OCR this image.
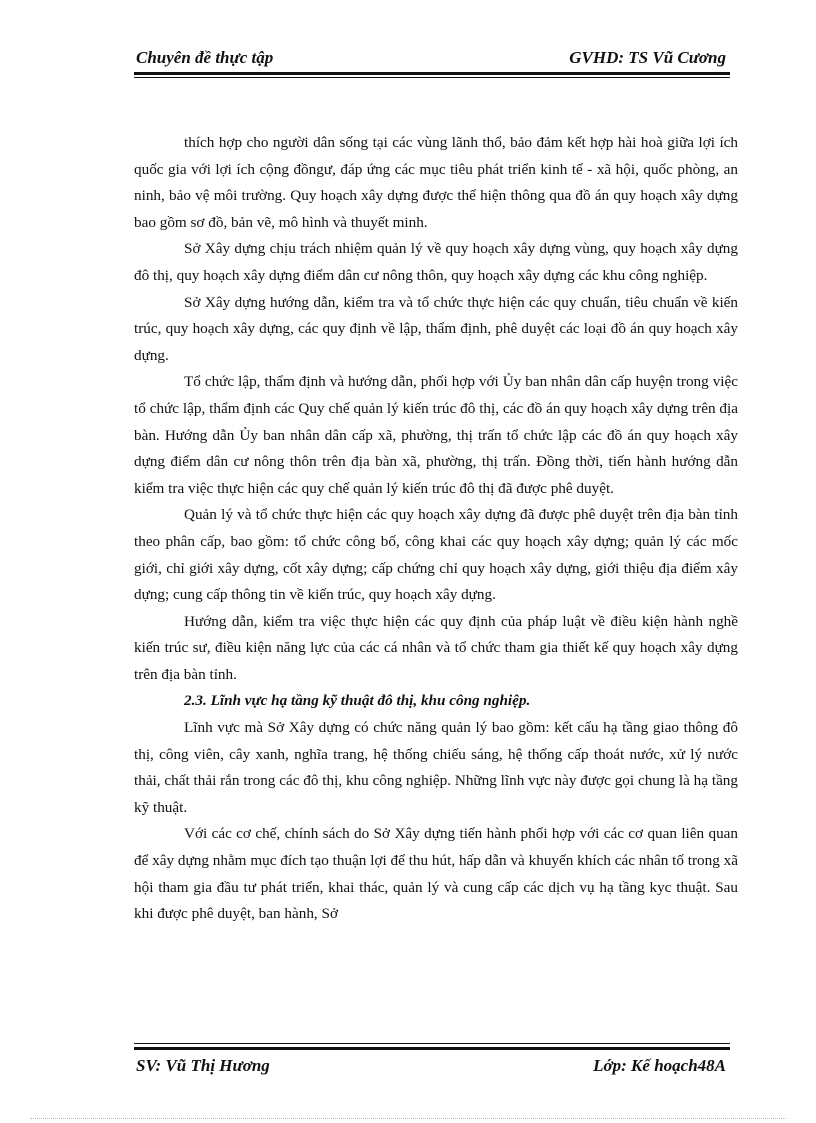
Chuyên đề thực tập	GVHD: TS Vũ Cương

thích hợp cho người dân sống tại các vùng lãnh thổ, bảo đảm kết hợp hài hoà giữa lợi ích quốc gia với lợi ích cộng đồngư, đáp ứng các mục tiêu phát triển kinh tế - xã hội, quốc phòng, an ninh, bảo vệ môi trường. Quy hoạch xây dựng được thể hiện thông qua đồ án quy hoạch xây dựng bao gồm sơ đồ, bản vẽ, mô hình và thuyết minh.

Sở Xây dựng chịu trách nhiệm quản lý về quy hoạch xây dựng vùng, quy hoạch xây dựng đô thị, quy hoạch xây dựng điểm dân cư nông thôn, quy hoạch xây dựng các khu công nghiệp.

Sở Xây dựng hướng dẫn, kiểm tra và tổ chức thực hiện các quy chuẩn, tiêu chuẩn về kiến trúc, quy hoạch xây dựng, các quy định về lập, thẩm định, phê duyệt các loại đồ án quy hoạch xây dựng.

Tổ chức lập, thẩm định và hướng dẫn, phối hợp với Ủy ban nhân dân cấp huyện trong việc tổ chức lập, thẩm định các Quy chế quản lý kiến trúc đô thị, các đồ án quy hoạch xây dựng trên địa bàn. Hướng dẫn Ủy ban nhân dân cấp xã, phường, thị trấn tổ chức lập các đồ án quy hoạch xây dựng điểm dân cư nông thôn trên địa bàn xã, phường, thị trấn. Đồng thời, tiến hành hướng dẫn kiểm tra việc thực hiện các quy chế quản lý kiến trúc đô thị đã được phê duyệt.

Quản lý và tổ chức thực hiện các quy hoạch xây dựng đã được phê duyệt trên địa bàn tỉnh theo phân cấp, bao gồm: tổ chức công bố, công khai các quy hoạch xây dựng; quản lý các mốc giới, chỉ giới xây dựng, cốt xây dựng; cấp chứng chỉ quy hoạch xây dựng, giới thiệu địa điểm xây dựng; cung cấp thông tin về kiến trúc, quy hoạch xây dựng.

Hướng dẫn, kiểm tra việc thực hiện các quy định của pháp luật về điều kiện hành nghề kiến trúc sư, điều kiện năng lực của các cá nhân và tổ chức tham gia thiết kế quy hoạch xây dựng trên địa bàn tỉnh.

2.3. Lĩnh vực hạ tầng kỹ thuật đô thị, khu công nghiệp.

Lĩnh vực mà Sở Xây dựng có chức năng quản lý bao gồm: kết cấu hạ tầng giao thông đô thị, công viên, cây xanh, nghĩa trang, hệ thống chiếu sáng, hệ thống cấp thoát nước, xử lý nước thải, chất thải rắn trong các đô thị, khu công nghiệp. Những lĩnh vực này được gọi chung là hạ tầng kỹ thuật.

Với các cơ chế, chính sách do Sở Xây dựng tiến hành phối hợp với các cơ quan liên quan để xây dựng nhằm mục đích tạo thuận lợi để thu hút, hấp dẫn và khuyến khích các nhân tố trong xã hội tham gia đầu tư phát triển, khai thác, quản lý và cung cấp các dịch vụ hạ tầng kyc thuật. Sau khi được phê duyệt, ban hành, Sở

SV: Vũ Thị Hương	Lớp: Kế hoạch48A
